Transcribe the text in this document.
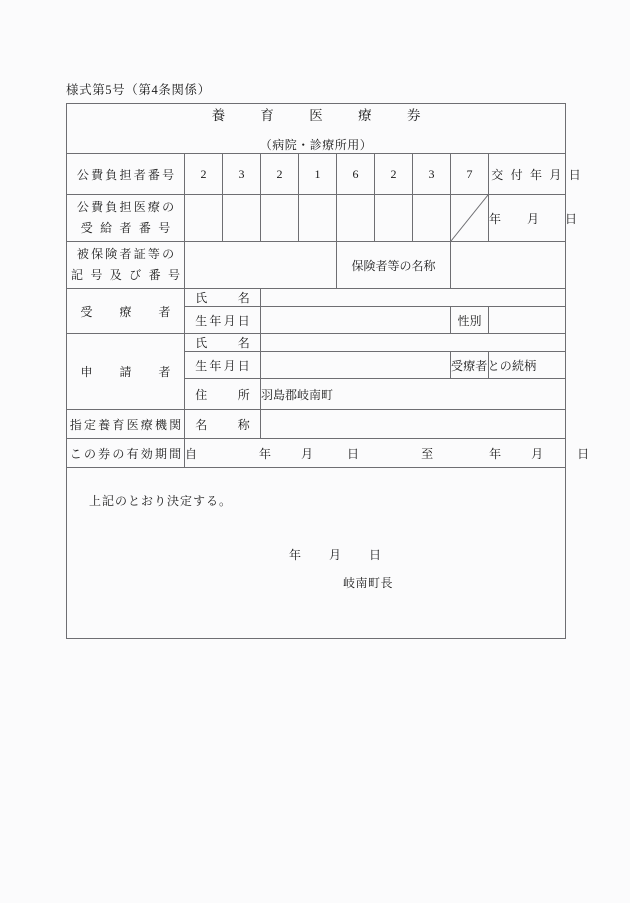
様式第5号（第4条関係）
養 育 医 療 券
（病院・診療所用）									

公費負担者番号	2	3	2	1	6	2	3	7	交 付 年 月 日

公費負担医療の
受 給 者 番 号									年 月 日

被保険者証等の
記 号 及 び 番 号					保険者等の名称				

受 療 者	氏　　名								

	生年月日							性別	

申 請 者	氏　　名								

	生年月日							受療者との続柄	

	住　　所		羽島郡岐南町						

指定養育医療機関	名　　称								

この券の有効期間	自 年 月 日 至 年 月 日								

上記のとおり決定する。
年 月 日
岐南町長									
